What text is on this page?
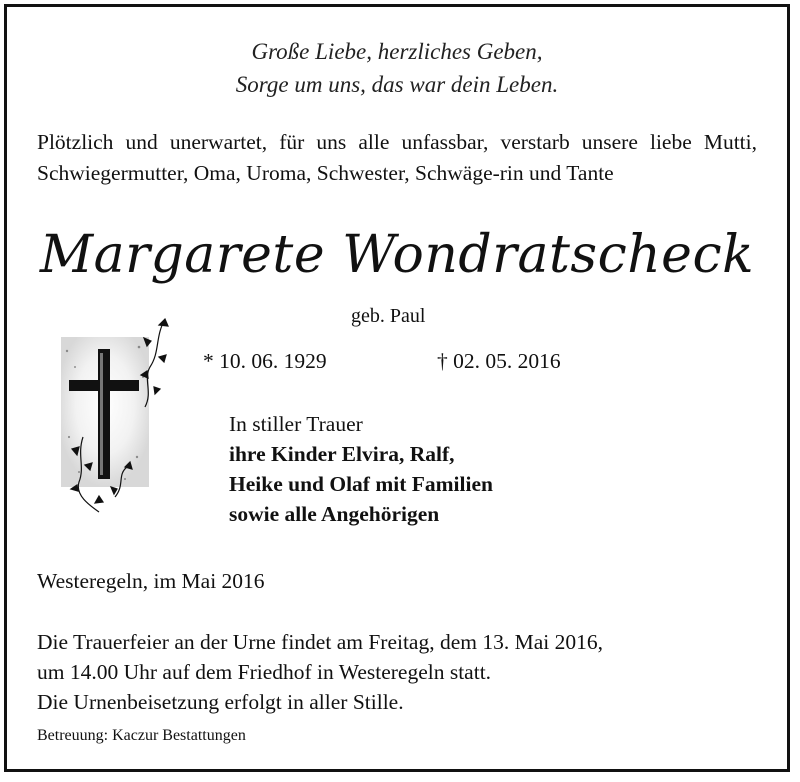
Große Liebe, herzliches Geben,
Sorge um uns, das war dein Leben.
Plötzlich und unerwartet, für uns alle unfassbar, verstarb unsere liebe Mutti, Schwiegermutter, Oma, Uroma, Schwester, Schwäge-rin und Tante
Margarete Wondratscheck
geb. Paul
* 10. 06. 1929	† 02. 05. 2016
In stiller Trauer
ihre Kinder Elvira, Ralf,
Heike und Olaf mit Familien
sowie alle Angehörigen
Westeregeln, im Mai 2016
Die Trauerfeier an der Urne findet am Freitag, dem 13. Mai 2016,
um 14.00 Uhr auf dem Friedhof in Westeregeln statt.
Die Urnenbeisetzung erfolgt in aller Stille.
Betreuung: Kaczur Bestattungen
